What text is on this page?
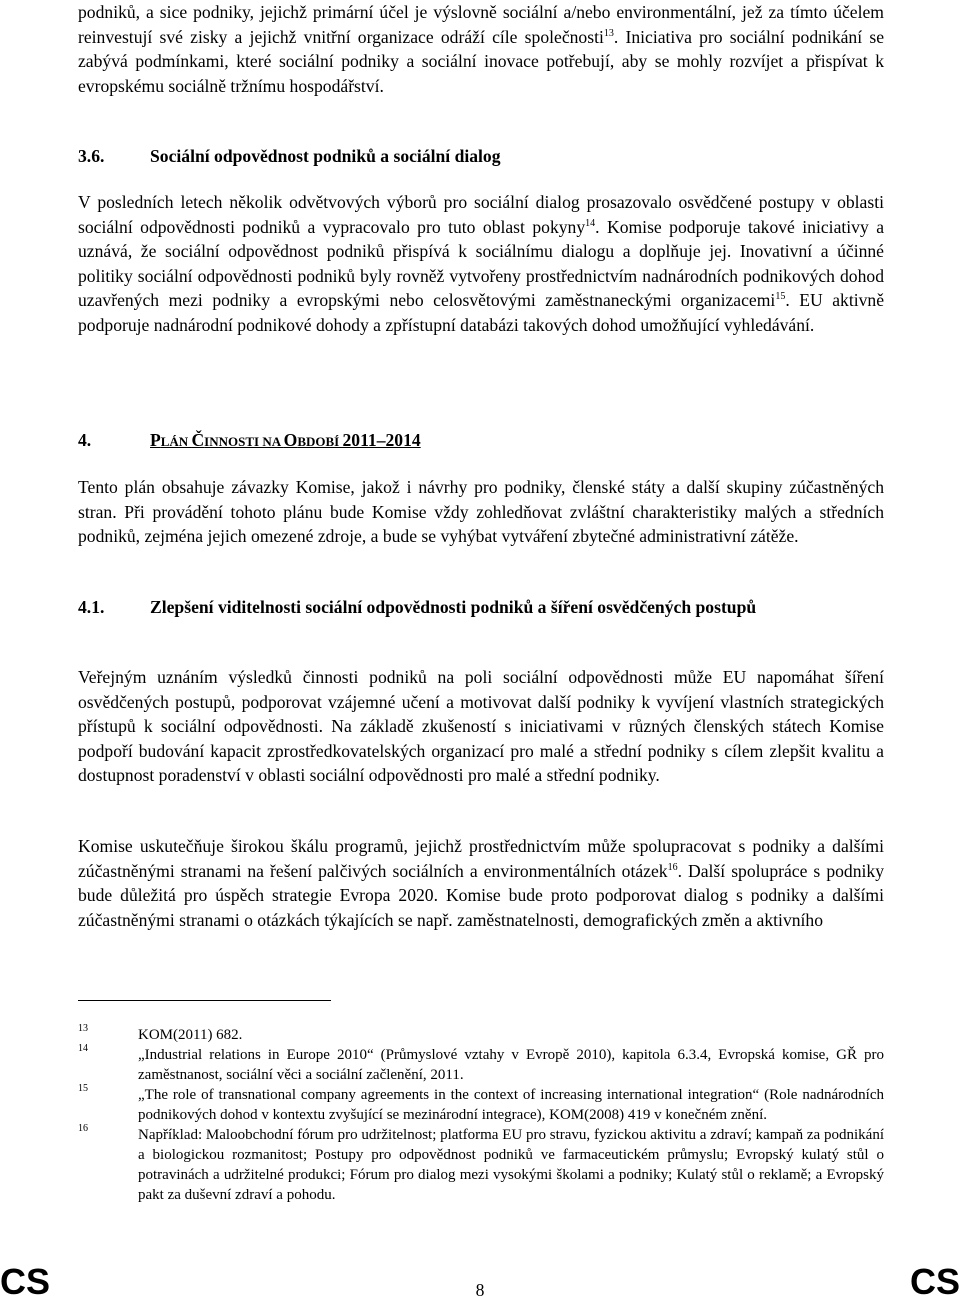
podniků, a sice podniky, jejichž primární účel je výslovně sociální a/nebo environmentální, jež za tímto účelem reinvestují své zisky a jejichž vnitřní organizace odráží cíle společnosti$^{13}$. Iniciativa pro sociální podnikání se zabývá podmínkami, které sociální podniky a sociální inovace potřebují, aby se mohly rozvíjet a přispívat k evropskému sociálně tržnímu hospodářství.

3.6.	Sociální odpovědnost podniků a sociální dialog

V posledních letech několik odvětvových výborů pro sociální dialog prosazovalo osvědčené postupy v oblasti sociální odpovědnosti podniků a vypracovalo pro tuto oblast pokyny$^{14}$. Komise podporuje takové iniciativy a uznává, že sociální odpovědnost podniků přispívá k sociálnímu dialogu a doplňuje jej. Inovativní a účinné politiky sociální odpovědnosti podniků byly rovněž vytvořeny prostřednictvím nadnárodních podnikových dohod uzavřených mezi podniky a evropskými nebo celosvětovými zaměstnaneckými organizacemi$^{15}$. EU aktivně podporuje nadnárodní podnikové dohody a zpřístupní databázi takových dohod umožňující vyhledávání.

4.	PLÁN ČINNOSTI NA OBDOBÍ 2011–2014

Tento plán obsahuje závazky Komise, jakož i návrhy pro podniky, členské státy a další skupiny zúčastněných stran. Při provádění tohoto plánu bude Komise vždy zohledňovat zvláštní charakteristiky malých a středních podniků, zejména jejich omezené zdroje, a bude se vyhýbat vytváření zbytečné administrativní zátěže.

4.1.	Zlepšení viditelnosti sociální odpovědnosti podniků a šíření osvědčených postupů

Veřejným uznáním výsledků činnosti podniků na poli sociální odpovědnosti může EU napomáhat šíření osvědčených postupů, podporovat vzájemné učení a motivovat další podniky k vyvíjení vlastních strategických přístupů k sociální odpovědnosti. Na základě zkušeností s iniciativami v různých členských státech Komise podpoří budování kapacit zprostředkovatelských organizací pro malé a střední podniky s cílem zlepšit kvalitu a dostupnost poradenství v oblasti sociální odpovědnosti pro malé a střední podniky.

Komise uskutečňuje širokou škálu programů, jejichž prostřednictvím může spolupracovat s podniky a dalšími zúčastněnými stranami na řešení palčivých sociálních a environmentálních otázek$^{16}$. Další spolupráce s podniky bude důležitá pro úspěch strategie Evropa 2020. Komise bude proto podporovat dialog s podniky a dalšími zúčastněnými stranami o otázkách týkajících se např. zaměstnatelnosti, demografických změn a aktivního

13	KOM(2011) 682.
14	„Industrial relations in Europe 2010“ (Průmyslové vztahy v Evropě 2010), kapitola 6.3.4, Evropská komise, GŘ pro zaměstnanost, sociální věci a sociální začlenění, 2011.
15	„The role of transnational company agreements in the context of increasing international integration“ (Role nadnárodních podnikových dohod v kontextu zvyšující se mezinárodní integrace), KOM(2008) 419 v konečném znění.
16	Například: Maloobchodní fórum pro udržitelnost; platforma EU pro stravu, fyzickou aktivitu a zdraví; kampaň za podnikání a biologickou rozmanitost; Postupy pro odpovědnost podniků ve farmaceutickém průmyslu; Evropský kulatý stůl o potravinách a udržitelné produkci; Fórum pro dialog mezi vysokými školami a podniky; Kulatý stůl o reklamě; a Evropský pakt za duševní zdraví a pohodu.
CS	8	CS
